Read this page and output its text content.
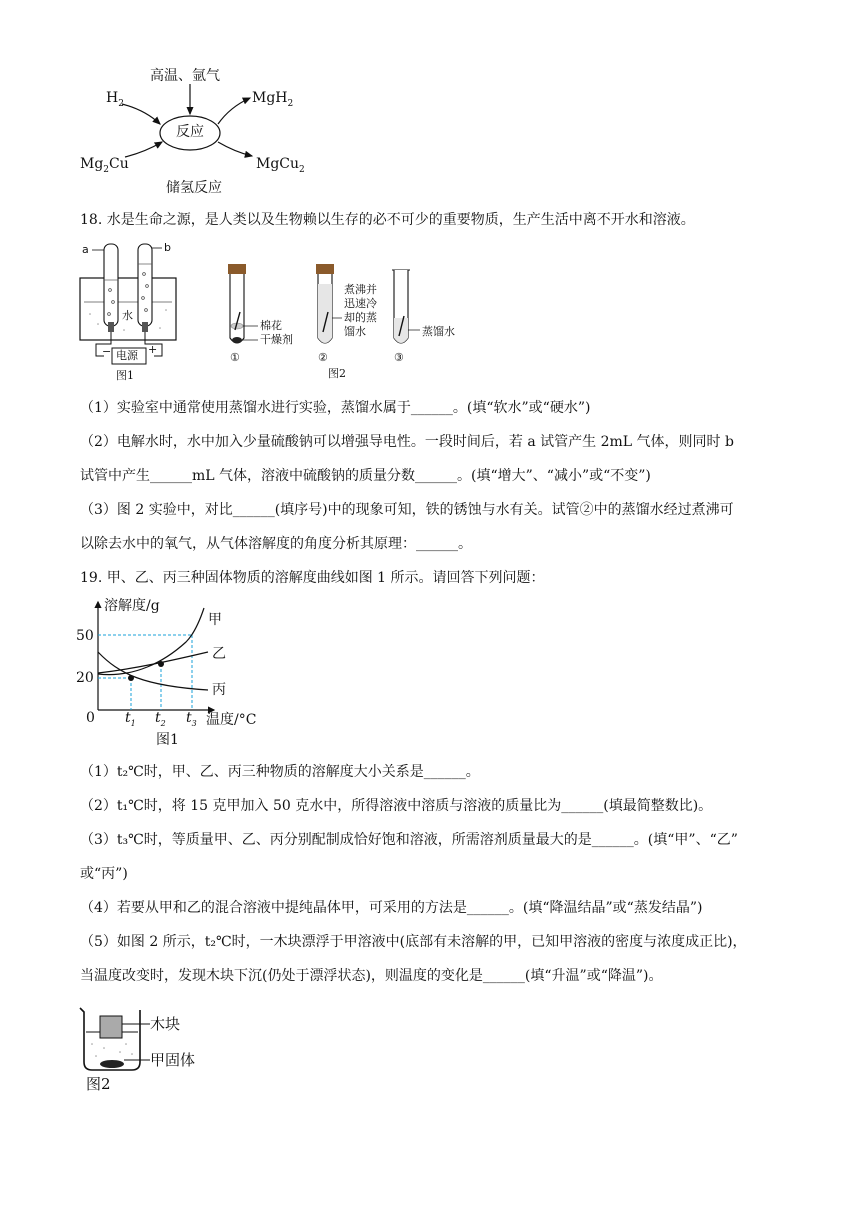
高温、氩气
$H_2$
$Mg_2Cu$
反应
MgH$_2$
MgCu$_2$
储氢反应
18. 水是生命之源，是人类以及生物赖以生存的必不可少的重要物质，生产生活中离不开水和溶液。
a	b
水
−	+
电源
图1
棉花
干燥剂
煮沸并
迅速冷
却的蒸
馏水	蒸馏水
①	②	③
图2
（1）实验室中通常使用蒸馏水进行实验，蒸馏水属于______。(填“软水”或“硬水”)
（2）电解水时，水中加入少量硫酸钠可以增强导电性。一段时间后，若 a 试管产生 2mL 气体，则同时 b
试管中产生______mL 气体，溶液中硫酸钠的质量分数______。(填“增大”、“减小”或“不变”)
（3）图 2 实验中，对比______(填序号)中的现象可知，铁的锈蚀与水有关。试管②中的蒸馏水经过煮沸可
以除去水中的氧气，从气体溶解度的角度分析其原理：______。
19. 甲、乙、丙三种固体物质的溶解度曲线如图 1 所示。请回答下列问题：
溶解度/g
50
20
0 $t_1$ $t_2$ $t_3$ 温度/°C
甲
乙
丙
图1
（1）t₂℃时，甲、乙、丙三种物质的溶解度大小关系是______。
（2）t₁℃时，将 15 克甲加入 50 克水中，所得溶液中溶质与溶液的质量比为______(填最简整数比)。
（3）t₃℃时，等质量甲、乙、丙分别配制成恰好饱和溶液，所需溶剂质量最大的是______。(填“甲”、“乙”
或“丙”)
（4）若要从甲和乙的混合溶液中提纯晶体甲，可采用的方法是______。(填“降温结晶”或“蒸发结晶”)
（5）如图 2 所示，t₂℃时，一木块漂浮于甲溶液中(底部有未溶解的甲，已知甲溶液的密度与浓度成正比)，
当温度改变时，发现木块下沉(仍处于漂浮状态)，则温度的变化是______(填“升温”或“降温”)。
木块
甲固体
图2
